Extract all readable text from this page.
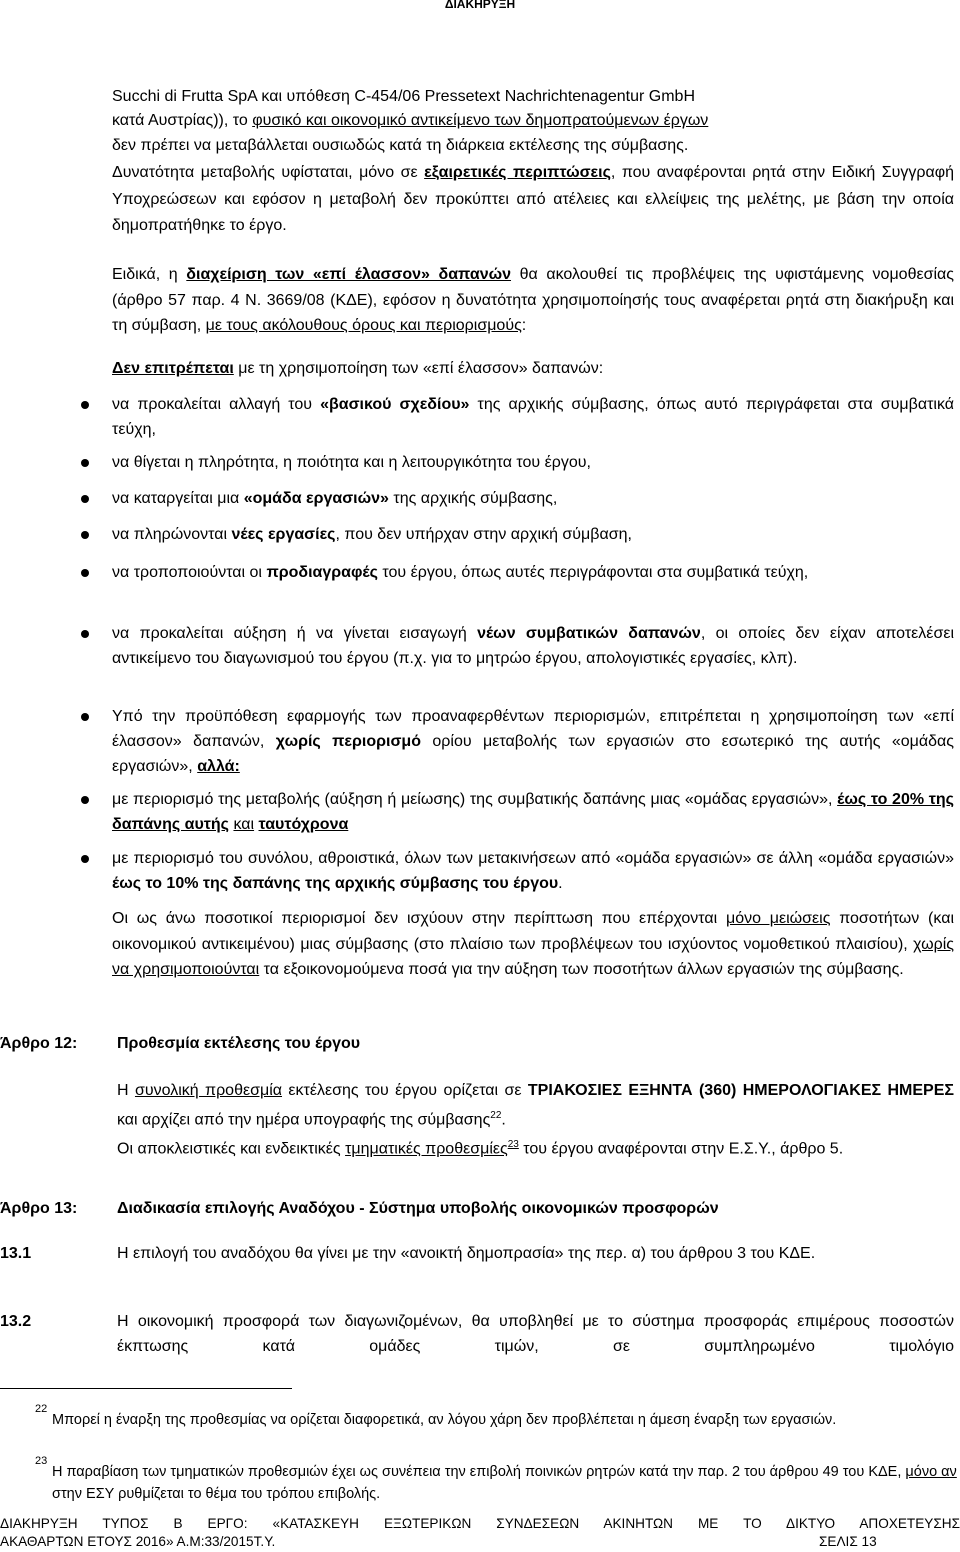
ΔΙΑΚΗΡΥΞΗ
Succhi di Frutta SpA και υπόθεση C-454/06 Pressetext Nachrichtenagentur GmbH
κατά Αυστρίας)), το φυσικό και οικονομικό αντικείμενο των δημοπρατούμενων έργων
δεν πρέπει να μεταβάλλεται ουσιωδώς κατά τη διάρκεια εκτέλεσης της σύμβασης.
Δυνατότητα μεταβολής υφίσταται, μόνο σε εξαιρετικές περιπτώσεις, που αναφέρονται ρητά στην Ειδική Συγγραφή Υποχρεώσεων και εφόσον η μεταβολή δεν προκύπτει από ατέλειες και ελλείψεις της μελέτης, με βάση την οποία δημοπρατήθηκε το έργο.
Ειδικά, η διαχείριση των «επί έλασσον» δαπανών θα ακολουθεί τις προβλέψεις της υφιστάμενης νομοθεσίας (άρθρο 57 παρ. 4 Ν. 3669/08 (ΚΔΕ), εφόσον η δυνατότητα χρησιμοποίησής τους αναφέρεται ρητά στη διακήρυξη και τη σύμβαση, με τους ακόλουθους όρους και περιορισμούς:
Δεν επιτρέπεται με τη χρησιμοποίηση των «επί έλασσον» δαπανών:
να προκαλείται αλλαγή του «βασικού σχεδίου» της αρχικής σύμβασης, όπως αυτό περιγράφεται στα συμβατικά τεύχη,
να θίγεται η πληρότητα, η ποιότητα και η λειτουργικότητα του έργου,
να καταργείται μια «ομάδα εργασιών» της αρχικής σύμβασης,
να πληρώνονται νέες εργασίες, που δεν υπήρχαν στην αρχική σύμβαση,
να τροποποιούνται οι προδιαγραφές του έργου, όπως αυτές περιγράφονται στα συμβατικά τεύχη,
να προκαλείται αύξηση ή να γίνεται εισαγωγή νέων συμβατικών δαπανών, οι οποίες δεν είχαν αποτελέσει αντικείμενο του διαγωνισμού του έργου (π.χ. για το μητρώο έργου, απολογιστικές εργασίες, κλπ).
Υπό την προϋπόθεση εφαρμογής των προαναφερθέντων περιορισμών, επιτρέπεται η χρησιμοποίηση των «επί έλασσον» δαπανών, χωρίς περιορισμό ορίου μεταβολής των εργασιών στο εσωτερικό της αυτής «ομάδας εργασιών», αλλά:
με περιορισμό της μεταβολής (αύξηση ή μείωσης) της συμβατικής δαπάνης μιας «ομάδας εργασιών», έως το 20% της δαπάνης αυτής και ταυτόχρονα
με περιορισμό του συνόλου, αθροιστικά, όλων των μετακινήσεων από «ομάδα εργασιών» σε άλλη «ομάδα εργασιών» έως το 10% της δαπάνης της αρχικής σύμβασης του έργου.
Οι ως άνω ποσοτικοί περιορισμοί δεν ισχύουν στην περίπτωση που επέρχονται μόνο μειώσεις ποσοτήτων (και οικονομικού αντικειμένου) μιας σύμβασης (στο πλαίσιο των προβλέψεων του ισχύοντος νομοθετικού πλαισίου), χωρίς να χρησιμοποιούνται τα εξοικονομούμενα ποσά για την αύξηση των ποσοτήτων άλλων εργασιών της σύμβασης.
Άρθρο 12: Προθεσμία εκτέλεσης του έργου
Η συνολική προθεσμία εκτέλεσης του έργου ορίζεται σε ΤΡΙΑΚΟΣΙΕΣ ΕΞΗΝΤΑ (360) ΗΜΕΡΟΛΟΓΙΑΚΕΣ ΗΜΕΡΕΣ και αρχίζει από την ημέρα υπογραφής της σύμβασης$^{22}$.
Οι αποκλειστικές και ενδεικτικές τμηματικές προθεσμίες$^{23}$ του έργου αναφέρονται στην Ε.Σ.Υ., άρθρο 5.
Άρθρο 13: Διαδικασία επιλογής Αναδόχου - Σύστημα υποβολής οικονομικών προσφορών
13.1	Η επιλογή του αναδόχου θα γίνει με την «ανοικτή δημοπρασία» της περ. α) του άρθρου 3 του ΚΔΕ.
13.2	Η οικονομική προσφορά των διαγωνιζομένων, θα υποβληθεί με το σύστημα προσφοράς επιμέρους ποσοστών έκπτωσης κατά ομάδες τιμών, σε συμπληρωμένο τιμολόγιο
22
Μπορεί η έναρξη της προθεσμίας να ορίζεται διαφορετικά, αν λόγου χάρη δεν προβλέπεται η άμεση έναρξη των εργασιών.
23
Η παραβίαση των τμηματικών προθεσμιών έχει ως συνέπεια την επιβολή ποινικών ρητρών κατά την παρ. 2 του άρθρου 49 του ΚΔΕ, μόνο αν στην ΕΣΥ ρυθμίζεται το θέμα του τρόπου επιβολής.
ΔΙΑΚΗΡΥΞΗ ΤΥΠΟΣ Β ΕΡΓΟ: «ΚΑΤΑΣΚΕΥΗ ΕΞΩΤΕΡΙΚΩΝ ΣΥΝΔΕΣΕΩΝ ΑΚΙΝΗΤΩΝ ΜΕ ΤΟ ΔΙΚΤΥΟ ΑΠΟΧΕΤΕΥΣΗΣ
ΑΚΑΘΑΡΤΩΝ ΕΤΟΥΣ 2016» Α.Μ:33/2015Τ.Υ.	ΣΕΛΙΣ 13
